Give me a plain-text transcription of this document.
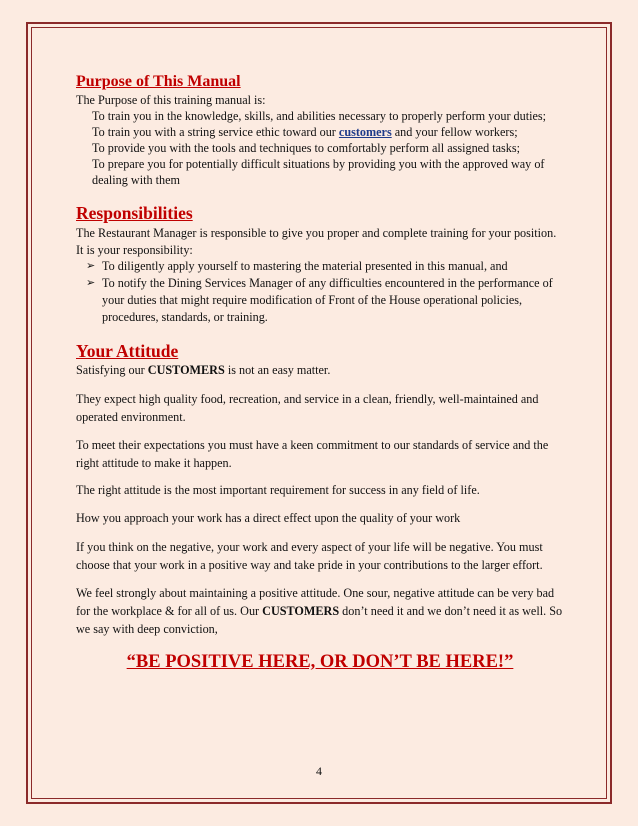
Purpose of This Manual

The Purpose of this training manual is:

To train you in the knowledge, skills, and abilities necessary to properly perform your duties;

To train you with a string service ethic toward our customers and your fellow workers;

To provide you with the tools and techniques to comfortably perform all assigned tasks;

To prepare you for potentially difficult situations by providing you with the approved way of dealing with them

Responsibilities

The Restaurant Manager is responsible to give you proper and complete training for your position.

It is your responsibility:

➢ To diligently apply yourself to mastering the material presented in this manual, and
➢ To notify the Dining Services Manager of any difficulties encountered in the performance of your duties that might require modification of Front of the House operational policies, procedures, standards, or training.
Your Attitude

Satisfying our CUSTOMERS is not an easy matter.

They expect high quality food, recreation, and service in a clean, friendly, well-maintained and operated environment.

To meet their expectations you must have a keen commitment to our standards of service and the right attitude to make it happen.

The right attitude is the most important requirement for success in any field of life.

How you approach your work has a direct effect upon the quality of your work

If you think on the negative, your work and every aspect of your life will be negative. You must choose that your work in a positive way and take pride in your contributions to the larger effort.

We feel strongly about maintaining a positive attitude. One sour, negative attitude can be very bad for the workplace & for all of us. Our CUSTOMERS don’t need it and we don’t need it as well. So we say with deep conviction,

“BE POSITIVE HERE, OR DON’T BE HERE!”

4
